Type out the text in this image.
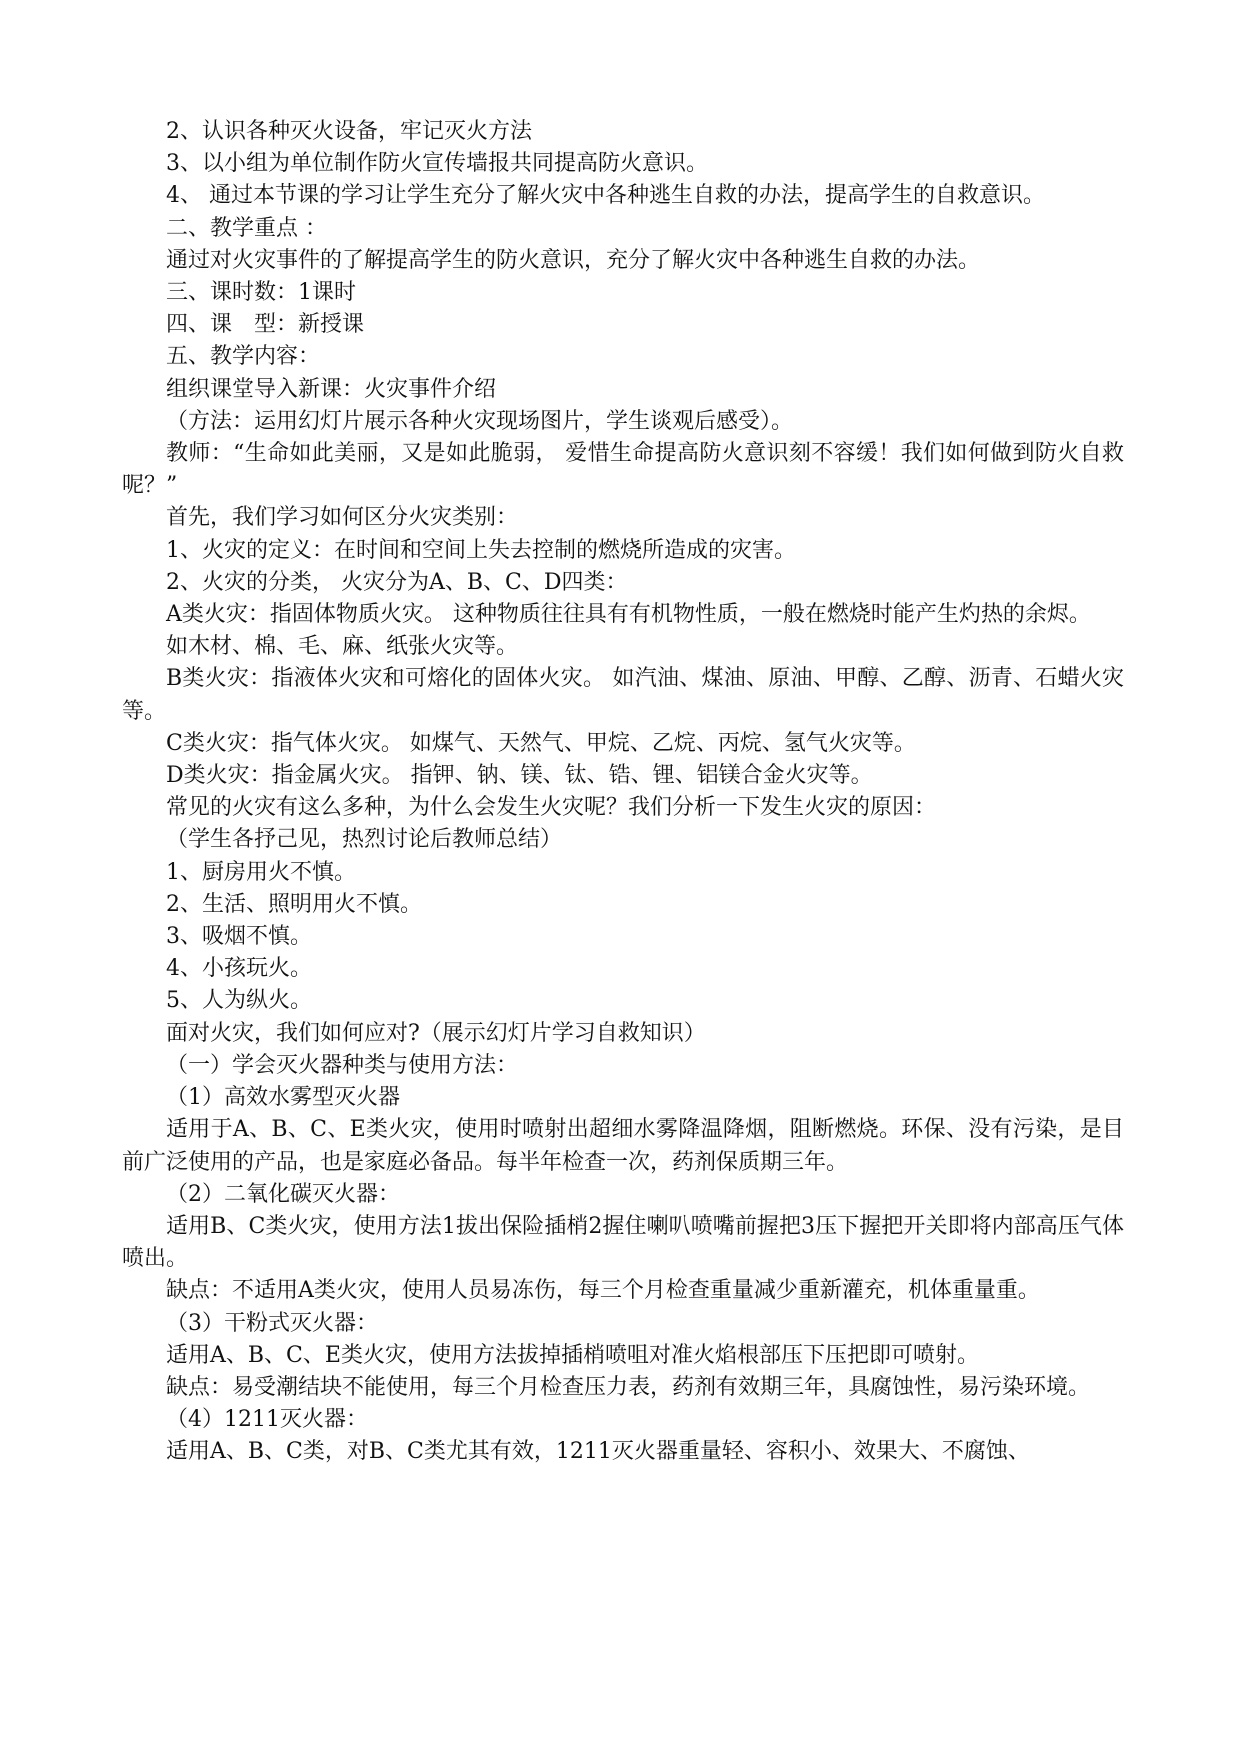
2、认识各种灭火设备，牢记灭火方法

3、以小组为单位制作防火宣传墙报共同提高防火意识。

4、 通过本节课的学习让学生充分了解火灾中各种逃生自救的办法，提高学生的自救意识。

二、教学重点 ：

通过对火灾事件的了解提高学生的防火意识，充分了解火灾中各种逃生自救的办法。

三、课时数：1课时

四、课　型：新授课

五、教学内容：

组织课堂导入新课：火灾事件介绍

（方法：运用幻灯片展示各种火灾现场图片，学生谈观后感受）。

教师：“生命如此美丽，又是如此脆弱， 爱惜生命提高防火意识刻不容缓！我们如何做到防火自救呢？”

首先，我们学习如何区分火灾类别：

1、火灾的定义：在时间和空间上失去控制的燃烧所造成的灾害。

2、火灾的分类， 火灾分为A、B、C、D四类：

A类火灾：指固体物质火灾。 这种物质往往具有有机物性质，一般在燃烧时能产生灼热的余烬。

如木材、棉、毛、麻、纸张火灾等。

B类火灾：指液体火灾和可熔化的固体火灾。 如汽油、煤油、原油、甲醇、乙醇、沥青、石蜡火灾等。

C类火灾：指气体火灾。 如煤气、天然气、甲烷、乙烷、丙烷、氢气火灾等。

D类火灾：指金属火灾。 指钾、钠、镁、钛、锆、锂、铝镁合金火灾等。

常见的火灾有这么多种，为什么会发生火灾呢？我们分析一下发生火灾的原因：

（学生各抒己见，热烈讨论后教师总结）

1、厨房用火不慎。

2、生活、照明用火不慎。

3、吸烟不慎。

4、小孩玩火。

5、人为纵火。

面对火灾，我们如何应对?（展示幻灯片学习自救知识）

（一）学会灭火器种类与使用方法：

（1）高效水雾型灭火器

适用于A、B、C、E类火灾，使用时喷射出超细水雾降温降烟，阻断燃烧。环保、没有污染，是目前广泛使用的产品，也是家庭必备品。每半年检查一次，药剂保质期三年。

（2）二氧化碳灭火器：

适用B、C类火灾，使用方法1拔出保险插梢2握住喇叭喷嘴前握把3压下握把开关即将内部高压气体喷出。

缺点：不适用A类火灾，使用人员易冻伤，每三个月检查重量减少重新灌充，机体重量重。

（3）干粉式灭火器：

适用A、B、C、E类火灾，使用方法拔掉插梢喷咀对准火焰根部压下压把即可喷射。

缺点：易受潮结块不能使用，每三个月检查压力表，药剂有效期三年，具腐蚀性，易污染环境。

（4）1211灭火器：

适用A、B、C类，对B、C类尤其有效，1211灭火器重量轻、容积小、效果大、不腐蚀、
